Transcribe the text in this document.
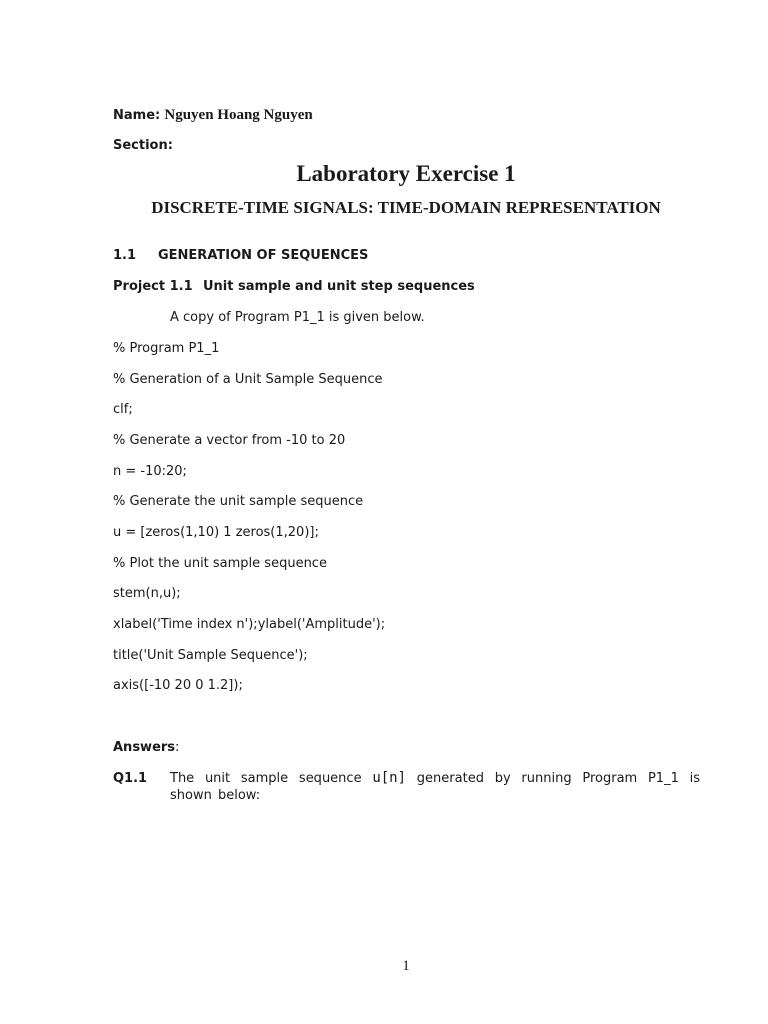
Name: Nguyen Hoang Nguyen
Section:
Laboratory Exercise 1
DISCRETE-TIME SIGNALS: TIME-DOMAIN REPRESENTATION
1.1 GENERATION OF SEQUENCES
Project 1.1 Unit sample and unit step sequences
A copy of Program P1_1 is given below.
% Program P1_1
% Generation of a Unit Sample Sequence
clf;
% Generate a vector from -10 to 20
n = -10:20;
% Generate the unit sample sequence
u = [zeros(1,10) 1 zeros(1,20)];
% Plot the unit sample sequence
stem(n,u);
xlabel('Time index n');ylabel('Amplitude');
title('Unit Sample Sequence');
axis([-10 20 0 1.2]);
Answers:
Q1.1 The unit sample sequence u[n] generated by running Program P1_1 is shown below:
1
